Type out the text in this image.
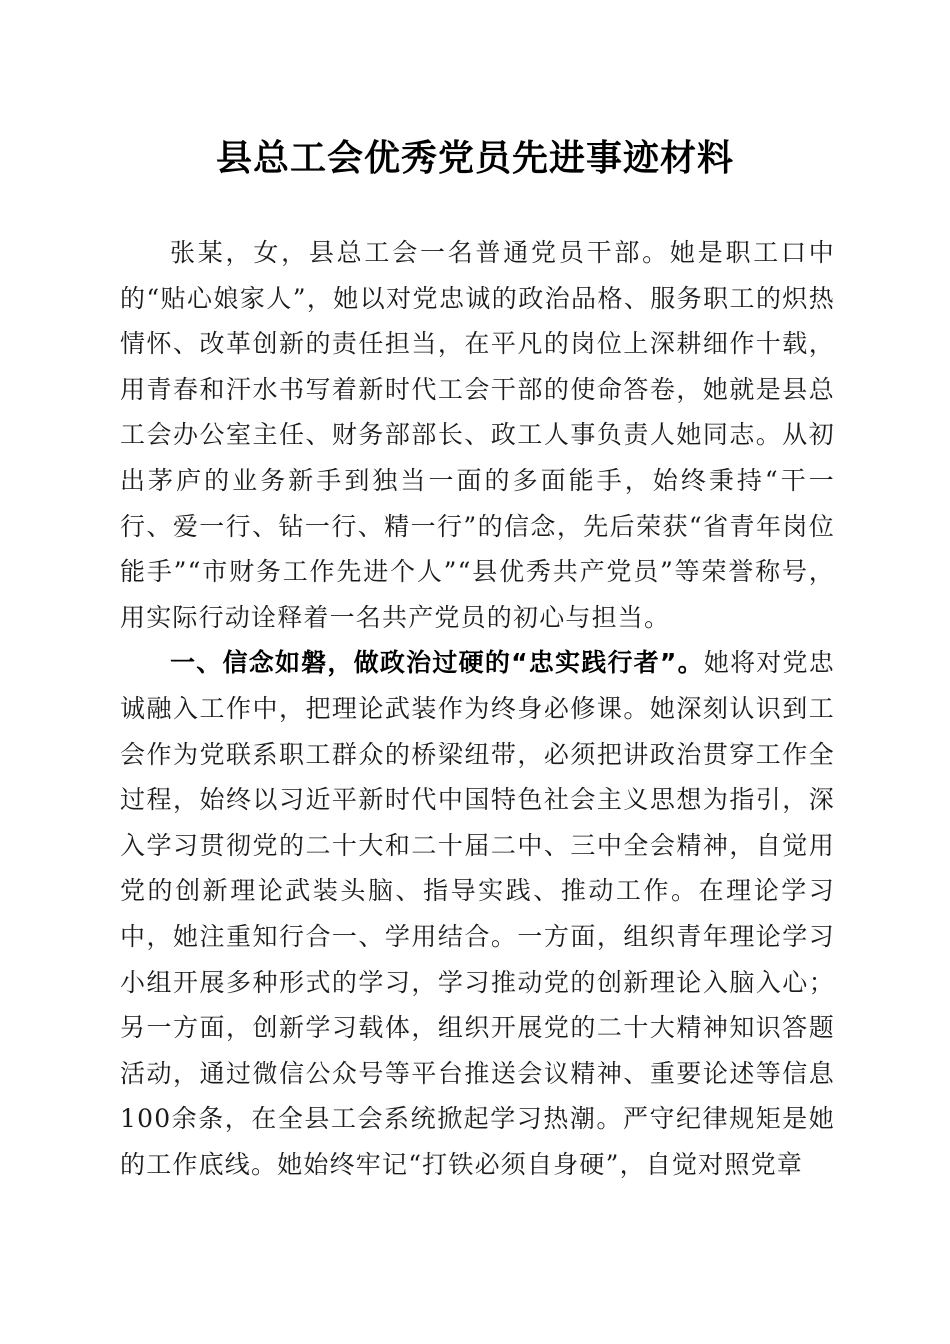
县总工会优秀党员先进事迹材料

张某，女，县总工会一名普通党员干部。她是职工口中的“贴心娘家人”，她以对党忠诚的政治品格、服务职工的炽热情怀、改革创新的责任担当，在平凡的岗位上深耕细作十载，用青春和汗水书写着新时代工会干部的使命答卷，她就是县总工会办公室主任、财务部部长、政工人事负责人她同志。从初出茅庐的业务新手到独当一面的多面能手，始终秉持“干一行、爱一行、钻一行、精一行”的信念，先后荣获“省青年岗位能手”“市财务工作先进个人”“县优秀共产党员”等荣誉称号，用实际行动诠释着一名共产党员的初心与担当。

一、信念如磐，做政治过硬的“忠实践行者”。她将对党忠诚融入工作中，把理论武装作为终身必修课。她深刻认识到工会作为党联系职工群众的桥梁纽带，必须把讲政治贯穿工作全过程，始终以习近平新时代中国特色社会主义思想为指引，深入学习贯彻党的二十大和二十届二中、三中全会精神，自觉用党的创新理论武装头脑、指导实践、推动工作。在理论学习中，她注重知行合一、学用结合。一方面，组织青年理论学习小组开展多种形式的学习，学习推动党的创新理论入脑入心；另一方面，创新学习载体，组织开展党的二十大精神知识答题活动，通过微信公众号等平台推送会议精神、重要论述等信息100余条，在全县工会系统掀起学习热潮。严守纪律规矩是她的工作底线。她始终牢记“打铁必须自身硬”，自觉对照党章
